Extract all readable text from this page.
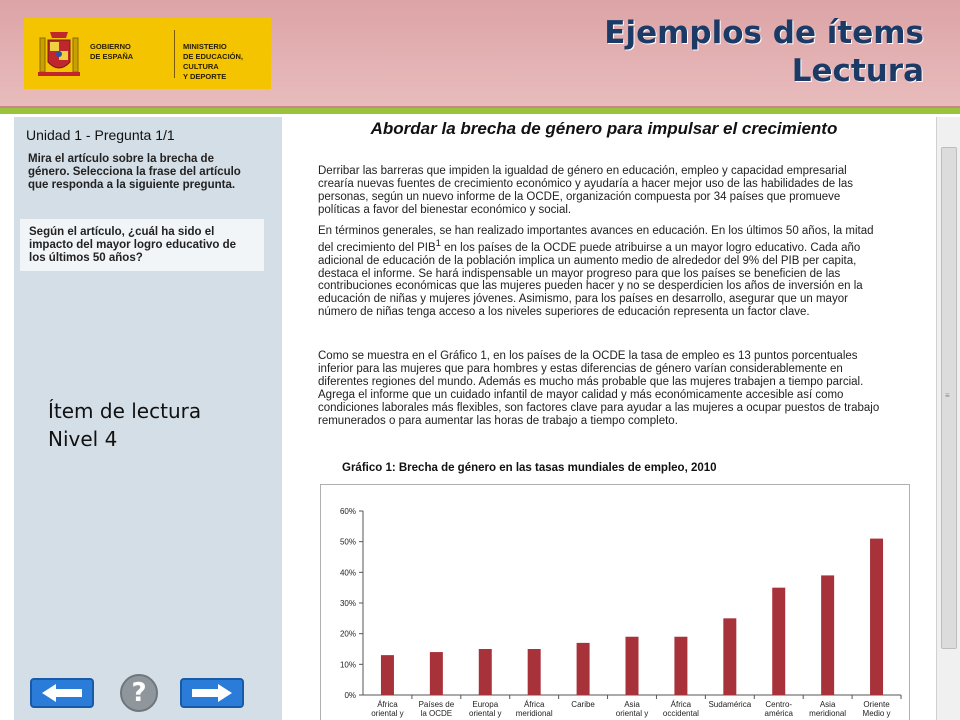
GOBIERNO
DE ESPAÑA
MINISTERIO
DE EDUCACIÓN, CULTURA
Y DEPORTE
Ejemplos de ítems
Lectura
Unidad 1 - Pregunta 1/1
Mira el artículo sobre la brecha de género. Selecciona la frase del artículo que responda a la siguiente pregunta.
Según el artículo, ¿cuál ha sido el impacto del mayor logro educativo de los últimos 50 años?
Ítem de lectura
Nivel 4
?
Abordar la brecha de género para impulsar el crecimiento
Derribar las barreras que impiden la igualdad de género en educación, empleo y capacidad empresarial crearía nuevas fuentes de crecimiento económico y ayudaría a hacer mejor uso de las habilidades de las personas, según un nuevo informe de la OCDE, organización compuesta por 34 países que promueve políticas a favor del bienestar económico y social.
En términos generales, se han realizado importantes avances en educación. En los últimos 50 años, la mitad del crecimiento del PIB$^1$ en los países de la OCDE puede atribuirse a un mayor logro educativo. Cada año adicional de educación de la población implica un aumento medio de alrededor del 9% del PIB per capita, destaca el informe. Se hará indispensable un mayor progreso para que los países se beneficien de las contribuciones económicas que las mujeres pueden hacer y no se desperdicien los años de inversión en la educación de niñas y mujeres jóvenes. Asimismo, para los países en desarrollo, asegurar que un mayor número de niñas tenga acceso a los niveles superiores de educación representa un factor clave.
Como se muestra en el Gráfico 1, en los países de la OCDE la tasa de empleo es 13 puntos porcentuales inferior para las mujeres que para hombres y estas diferencias de género varían considerablemente en diferentes regiones del mundo. Además es mucho más probable que las mujeres trabajen a tiempo parcial. Agrega el informe que un cuidado infantil de mayor calidad y más económicamente accesible así como condiciones laborales más flexibles, son factores clave para ayudar a las mujeres a ocupar puestos de trabajo remunerados o para aumentar las horas de trabajo a tiempo completo.
Gráfico 1: Brecha de género en las tasas mundiales de empleo, 2010
0%
10%
20%
30%
40%
50%
60%
África
oriental y
Países de
la OCDE
Europa
oriental y
África
meridional
Caribe	Asia
oriental y
África
occidental
Sudamérica Centro-
américa
Asia
meridional
Oriente
Medio y
≡
